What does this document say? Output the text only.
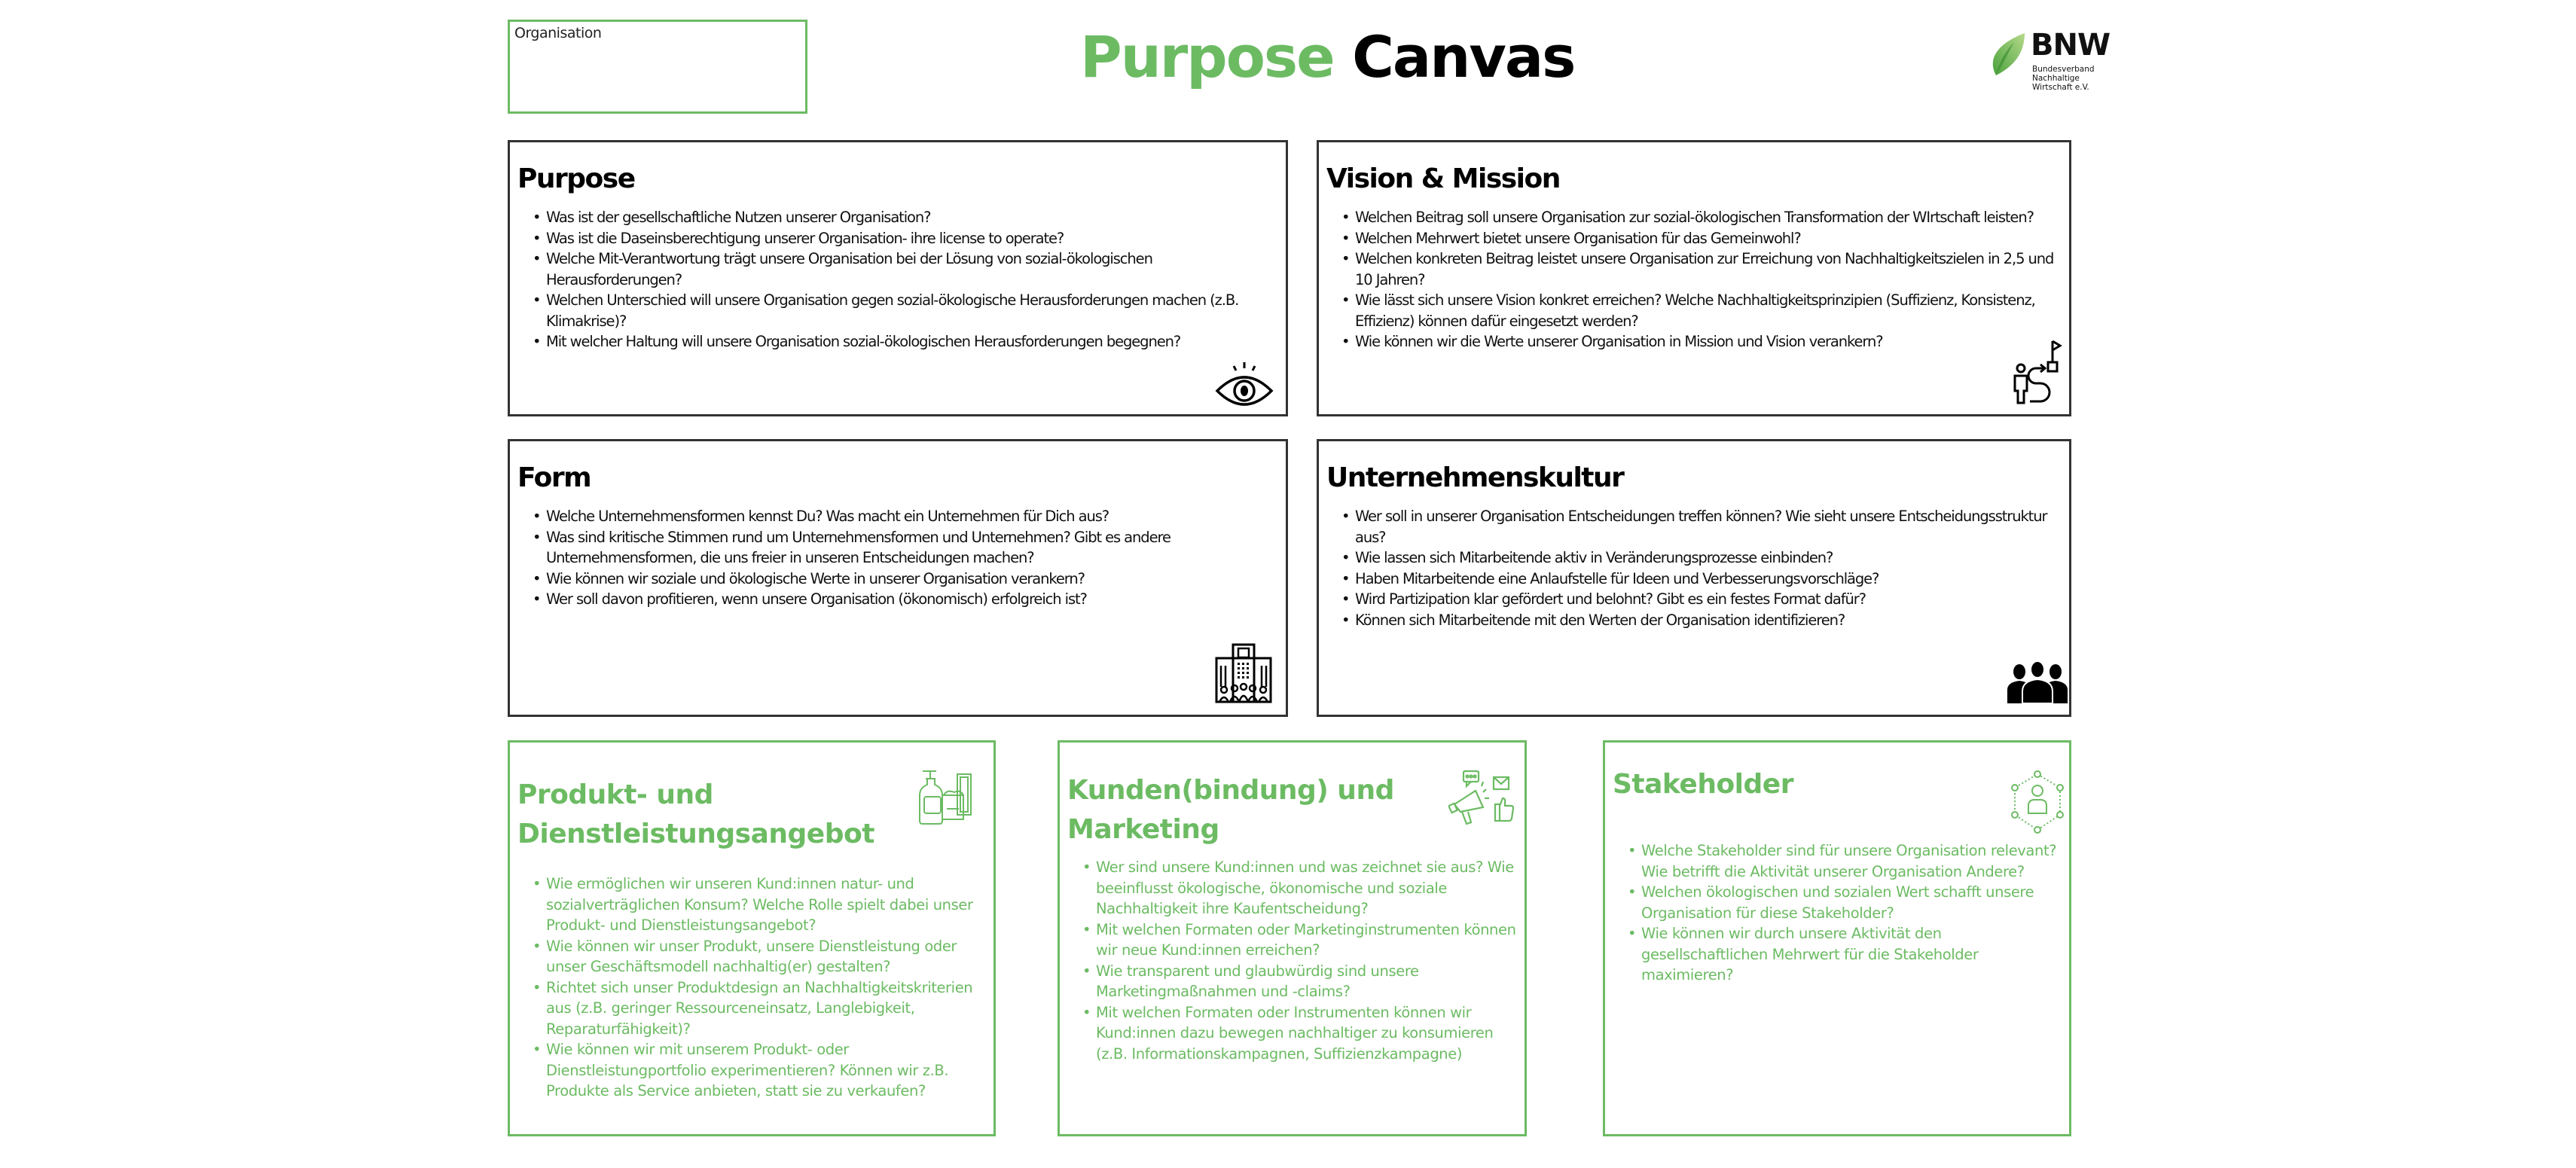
Organisation	Purpose Canvas	BNW
Bundesverband
Nachhaltige
Wirtschaft e.V.
Purpose
• Was ist der gesellschaftliche Nutzen unserer Organisation?
• Was ist die Daseinsberechtigung unserer Organisation- ihre license to operate?
• Welche Mit-Verantwortung trägt unsere Organisation bei der Lösung von sozial-ökologischen Herausforderungen?
• Welchen Unterschied will unsere Organisation gegen sozial-ökologische Herausforderungen machen (z.B. Klimakrise)?
• Mit welcher Haltung will unsere Organisation sozial-ökologischen Herausforderungen begegnen?
Vision & Mission
• Welchen Beitrag soll unsere Organisation zur sozial-ökologischen Transformation der WIrtschaft leisten?
• Welchen Mehrwert bietet unsere Organisation für das Gemeinwohl?
• Welchen konkreten Beitrag leistet unsere Organisation zur Erreichung von Nachhaltigkeitszielen in 2,5 und 10 Jahren?
• Wie lässt sich unsere Vision konkret erreichen? Welche Nachhaltigkeitsprinzipien (Suffizienz, Konsistenz, Effizienz) können dafür eingesetzt werden?
• Wie können wir die Werte unserer Organisation in Mission und Vision verankern?
Form
• Welche Unternehmensformen kennst Du? Was macht ein Unternehmen für Dich aus?
• Was sind kritische Stimmen rund um Unternehmensformen und Unternehmen? Gibt es andere Unternehmensformen, die uns freier in unseren Entscheidungen machen?
• Wie können wir soziale und ökologische Werte in unserer Organisation verankern?
• Wer soll davon profitieren, wenn unsere Organisation (ökonomisch) erfolgreich ist?
Unternehmenskultur
• Wer soll in unserer Organisation Entscheidungen treffen können? Wie sieht unsere Entscheidungsstruktur aus?
• Wie lassen sich Mitarbeitende aktiv in Veränderungsprozesse einbinden?
• Haben Mitarbeitende eine Anlaufstelle für Ideen und Verbesserungsvorschläge?
• Wird Partizipation klar gefördert und belohnt? Gibt es ein festes Format dafür?
• Können sich Mitarbeitende mit den Werten der Organisation identifizieren?
Produkt- und Dienstleistungsangebot
• Wie ermöglichen wir unseren Kund:innen natur- und sozialverträglichen Konsum? Welche Rolle spielt dabei unser Produkt- und Dienstleistungsangebot?
• Wie können wir unser Produkt, unsere Dienstleistung oder unser Geschäftsmodell nachhaltig(er) gestalten?
• Richtet sich unser Produktdesign an Nachhaltigkeitskriterien aus (z.B. geringer Ressourceneinsatz, Langlebigkeit, Reparaturfähigkeit)?
• Wie können wir mit unserem Produkt- oder Dienstleistungportfolio experimentieren? Können wir z.B. Produkte als Service anbieten, statt sie zu verkaufen?
Kunden(bindung) und Marketing
• Wer sind unsere Kund:innen und was zeichnet sie aus? Wie beeinflusst ökologische, ökonomische und soziale Nachhaltigkeit ihre Kaufentscheidung?
• Mit welchen Formaten oder Marketinginstrumenten können wir neue Kund:innen erreichen?
• Wie transparent und glaubwürdig sind unsere Marketingmaßnahmen und -claims?
• Mit welchen Formaten oder Instrumenten können wir Kund:innen dazu bewegen nachhaltiger zu konsumieren (z.B. Informationskampagnen, Suffizienzkampagne)
Stakeholder
• Welche Stakeholder sind für unsere Organisation relevant? Wie betrifft die Aktivität unserer Organisation Andere?
• Welchen ökologischen und sozialen Wert schafft unsere Organisation für diese Stakeholder?
• Wie können wir durch unsere Aktivität den gesellschaftlichen Mehrwert für die Stakeholder maximieren?
